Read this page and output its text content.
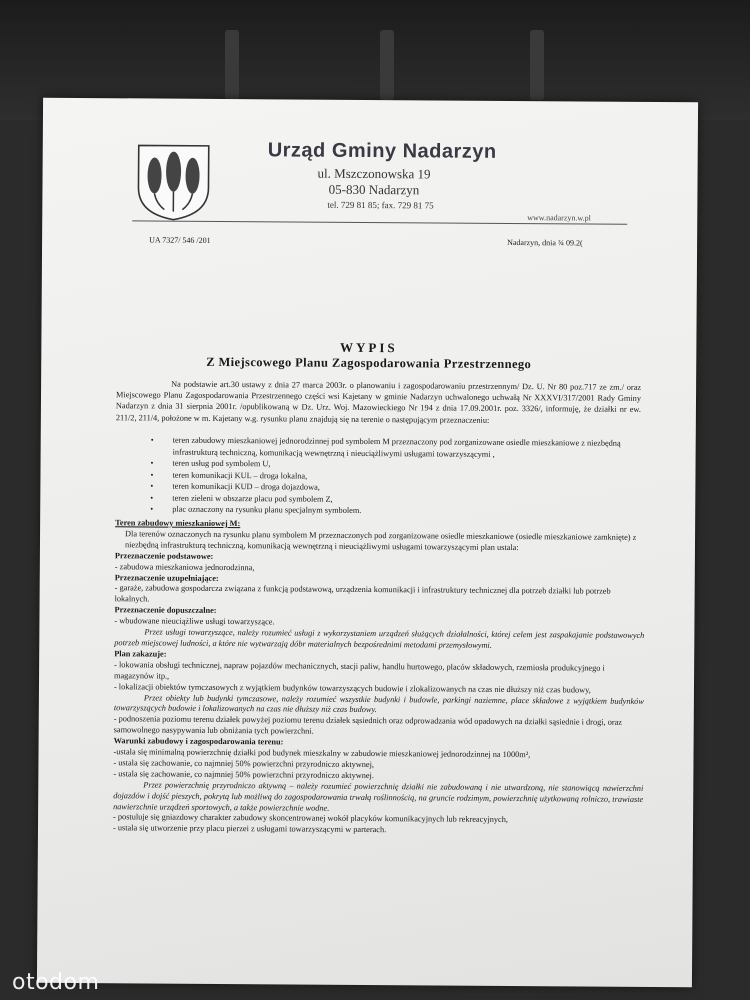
Urząd Gminy Nadarzyn
ul. Mszczonowska 19
05-830 Nadarzyn
tel. 729 81 85; fax. 729 81 75
www.nadarzyn.w.pl
UA 7327/ 546 /201	Nadarzyn, dnia ¾ 09.2(
WYPIS
Z Miejscowego Planu Zagospodarowania Przestrzennego
Na podstawie art.30 ustawy z dnia 27 marca 2003r. o planowaniu i zagospodarowaniu przestrzennym/ Dz. U. Nr 80 poz.717 ze zm./ oraz Miejscowego Planu Zagospodarowania Przestrzennego części wsi Kajetany w gminie Nadarzyn uchwalonego uchwałą Nr XXXVI/317/2001 Rady Gminy Nadarzyn z dnia 31 sierpnia 2001r. /opublikowaną w Dz. Urz. Woj. Mazowieckiego Nr 194 z dnia 17.09.2001r. poz. 3326/, informuję, że działki nr ew. 211/2, 211/4, położone w m. Kajetany w.g. rysunku planu znajdują się na terenie o następującym przeznaczeniu:
• teren zabudowy mieszkaniowej jednorodzinnej pod symbolem M przeznaczony pod zorganizowane osiedle mieszkaniowe z niezbędną infrastrukturą techniczną, komunikacją wewnętrzną i nieuciążliwymi usługami towarzyszącymi ,
• teren usług pod symbolem U,
• teren komunikacji KUL – droga lokalna,
• teren komunikacji KUD – droga dojazdowa,
• teren zieleni w obszarze placu pod symbolem Z,
• plac oznaczony na rysunku planu specjalnym symbolem.

Teren zabudowy mieszkaniowej M:

Dla terenów oznaczonych na rysunku planu symbolem M przeznaczonych pod zorganizowane osiedle mieszkaniowe (osiedle mieszkaniowe zamknięte) z niezbędną infrastrukturą techniczną, komunikacją wewnętrzną i nieuciążliwymi usługami towarzyszącymi plan ustala:

Przeznaczenie podstawowe:

- zabudowa mieszkaniowa jednorodzinna,

Przeznaczenie uzupełniające:

- garaże, zabudowa gospodarcza związana z funkcją podstawową, urządzenia komunikacji i infrastruktury technicznej dla potrzeb działki lub potrzeb lokalnych.

Przeznaczenie dopuszczalne:

- wbudowane nieuciążliwe usługi towarzyszące.

Przez usługi towarzyszące, należy rozumieć usługi z wykorzystaniem urządzeń służących działalności, której celem jest zaspakajanie podstawowych potrzeb miejscowej ludności, a które nie wytwarzają dóbr materialnych bezpośrednimi metodami przemysłowymi.

Plan zakazuje:

- lokowania obsługi technicznej, napraw pojazdów mechanicznych, stacji paliw, handlu hurtowego, placów składowych, rzemiosła produkcyjnego i magazynów itp.,

- lokalizacji obiektów tymczasowych z wyjątkiem budynków towarzyszących budowie i zlokalizowanych na czas nie dłuższy niż czas budowy,

Przez obiekty lub budynki tymczasowe, należy rozumieć wszystkie budynki i budowle, parkingi naziemne, place składowe z wyjątkiem budynków towarzyszących budowie i lokalizowanych na czas nie dłuższy niż czas budowy.

- podnoszenia poziomu terenu działek powyżej poziomu terenu działek sąsiednich oraz odprowadzania wód opadowych na działki sąsiednie i drogi, oraz samowolnego nasypywania lub obniżania tych powierzchni.

Warunki zabudowy i zagospodarowania terenu:

-ustala się minimalną powierzchnię działki pod budynek mieszkalny w zabudowie mieszkaniowej jednorodzinnej na 1000m²,

- ustala się zachowanie, co najmniej 50% powierzchni przyrodniczo aktywnej,

- ustala się zachowanie, co najmniej 50% powierzchni przyrodniczo aktywnej.

Przez powierzchnię przyrodniczo aktywną – należy rozumieć powierzchnię działki nie zabudowaną i nie utwardzoną, nie stanowiącą nawierzchni dojazdów i dojść pieszych, pokrytą lub możliwą do zagospodarowania trwałą roślinnością, na gruncie rodzimym, powierzchnię użytkowaną rolniczo, trawiaste nawierzchnie urządzeń sportowych, a także powierzchnie wodne.

- postuluje się gniazdowy charakter zabudowy skoncentrowanej wokół placyków komunikacyjnych lub rekreacyjnych,

- ustala się utworzenie przy placu pierzei z usługami towarzyszącymi w parterach.

otodom
